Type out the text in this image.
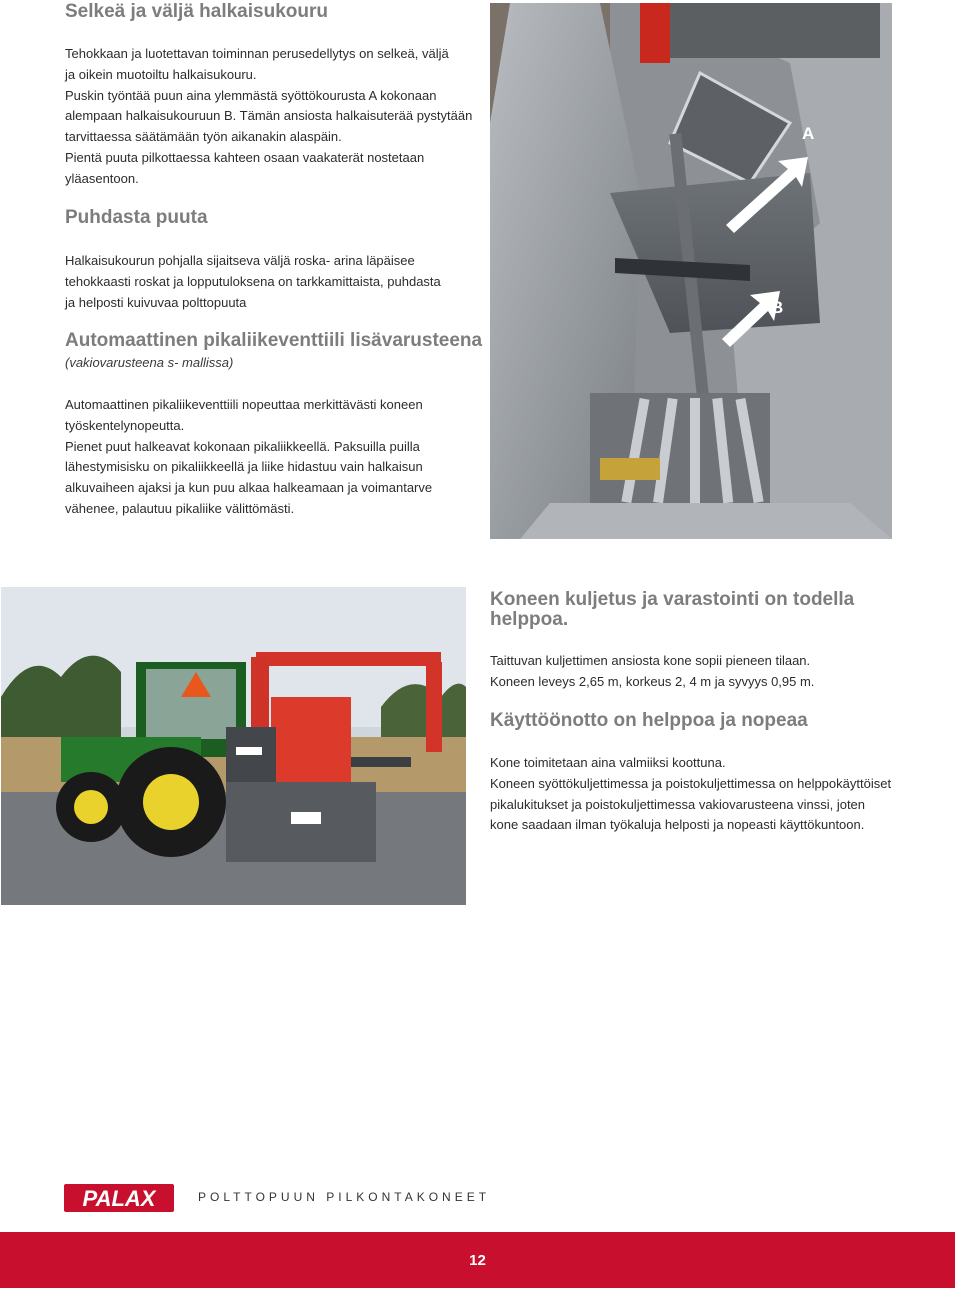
Selkeä ja väljä halkaisukouru

Tehokkaan ja luotettavan toiminnan perusedellytys on selkeä, väljä

ja oikein muotoiltu halkaisukouru.

Puskin työntää puun aina ylemmästä syöttökourusta A kokonaan

alempaan halkaisukouruun B. Tämän ansiosta halkaisuterää pystytään

tarvittaessa säätämään työn aikanakin alaspäin.

Pientä puuta pilkottaessa kahteen osaan vaakaterät nostetaan

yläasentoon.

Puhdasta puuta

Halkaisukourun pohjalla sijaitseva väljä roska- arina läpäisee

tehokkaasti roskat ja lopputuloksena on tarkkamittaista, puhdasta

ja helposti kuivuvaa polttopuuta

Automaattinen pikaliikeventtiili lisävarusteena

(vakiovarusteena s- mallissa)

Automaattinen pikaliikeventtiili nopeuttaa merkittävästi koneen

työskentelynopeutta.

Pienet puut halkeavat kokonaan pikaliikkeellä. Paksuilla puilla

lähestymisisku on pikaliikkeellä ja liike hidastuu vain halkaisun

alkuvaiheen ajaksi ja kun puu alkaa halkeamaan ja voimantarve

vähenee, palautuu pikaliike välittömästi.

A
B
Koneen kuljetus ja varastointi on todella
helppoa.

Taittuvan kuljettimen ansiosta kone sopii pieneen tilaan.

Koneen leveys 2,65 m, korkeus 2, 4 m ja syvyys 0,95 m.

Käyttöönotto on helppoa ja nopeaa

Kone toimitetaan aina valmiiksi koottuna.

Koneen syöttökuljettimessa ja poistokuljettimessa on helppokäyttöiset

pikalukitukset ja poistokuljettimessa vakiovarusteena vinssi, joten

kone saadaan ilman työkaluja helposti ja nopeasti käyttökuntoon.

PALAX	POLTTOPUUN PILKONTAKONEET
12
